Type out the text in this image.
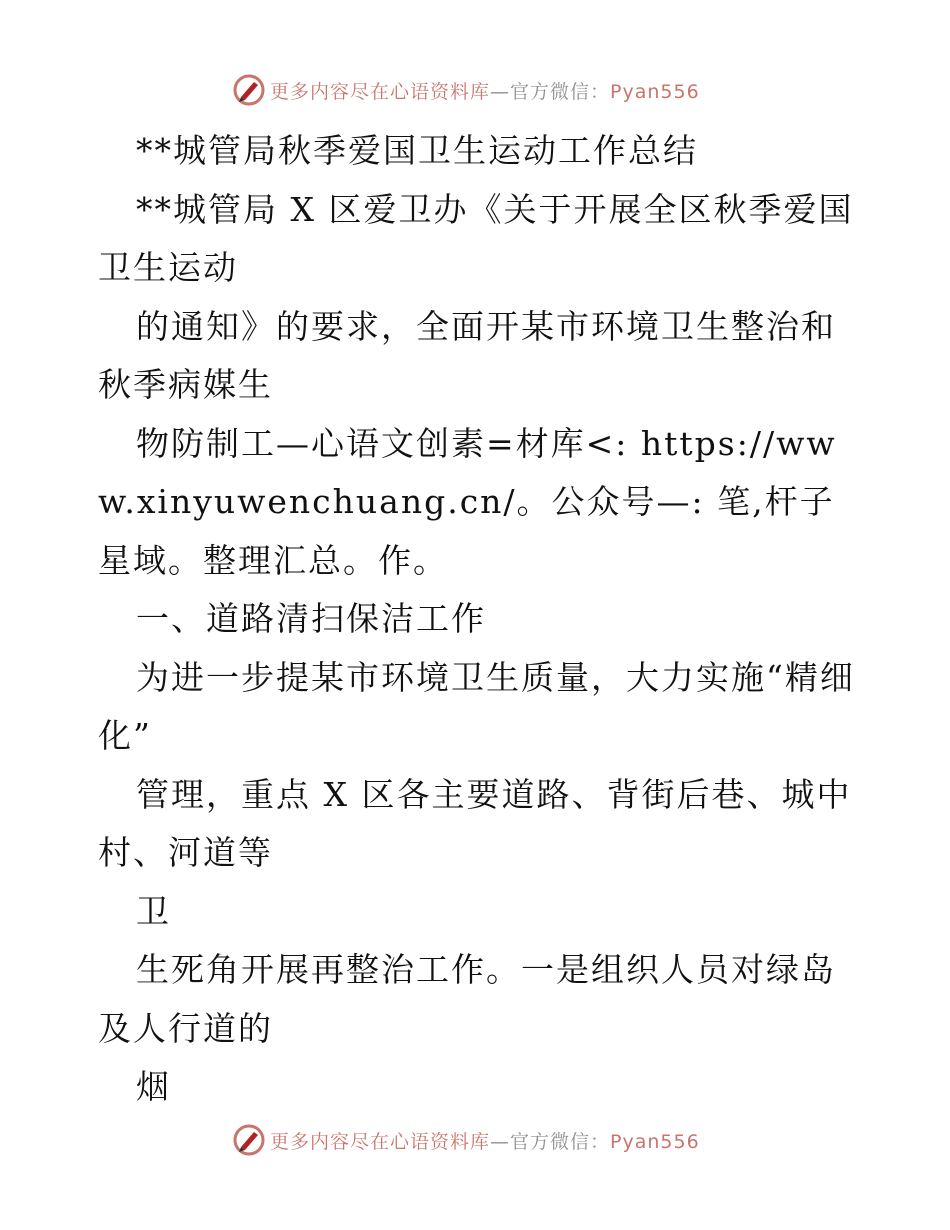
更多内容尽在心语资料库—官方微信：Pyan556

**城管局秋季爱国卫生运动工作总结

**城管局 X 区爱卫办《关于开展全区秋季爱国卫生运动

的通知》的要求，全面开某市环境卫生整治和秋季病媒生

物防制工—心语文创素=材库<: https://www.xinyuwenchuang.cn/。公众号—: 笔,杆子星域。整理汇总。作。

一、道路清扫保洁工作

为进一步提某市环境卫生质量，大力实施“精细化”

管理，重点 X 区各主要道路、背街后巷、城中村、河道等

卫

生死角开展再整治工作。一是组织人员对绿岛及人行道的

烟

更多内容尽在心语资料库—官方微信：Pyan556
